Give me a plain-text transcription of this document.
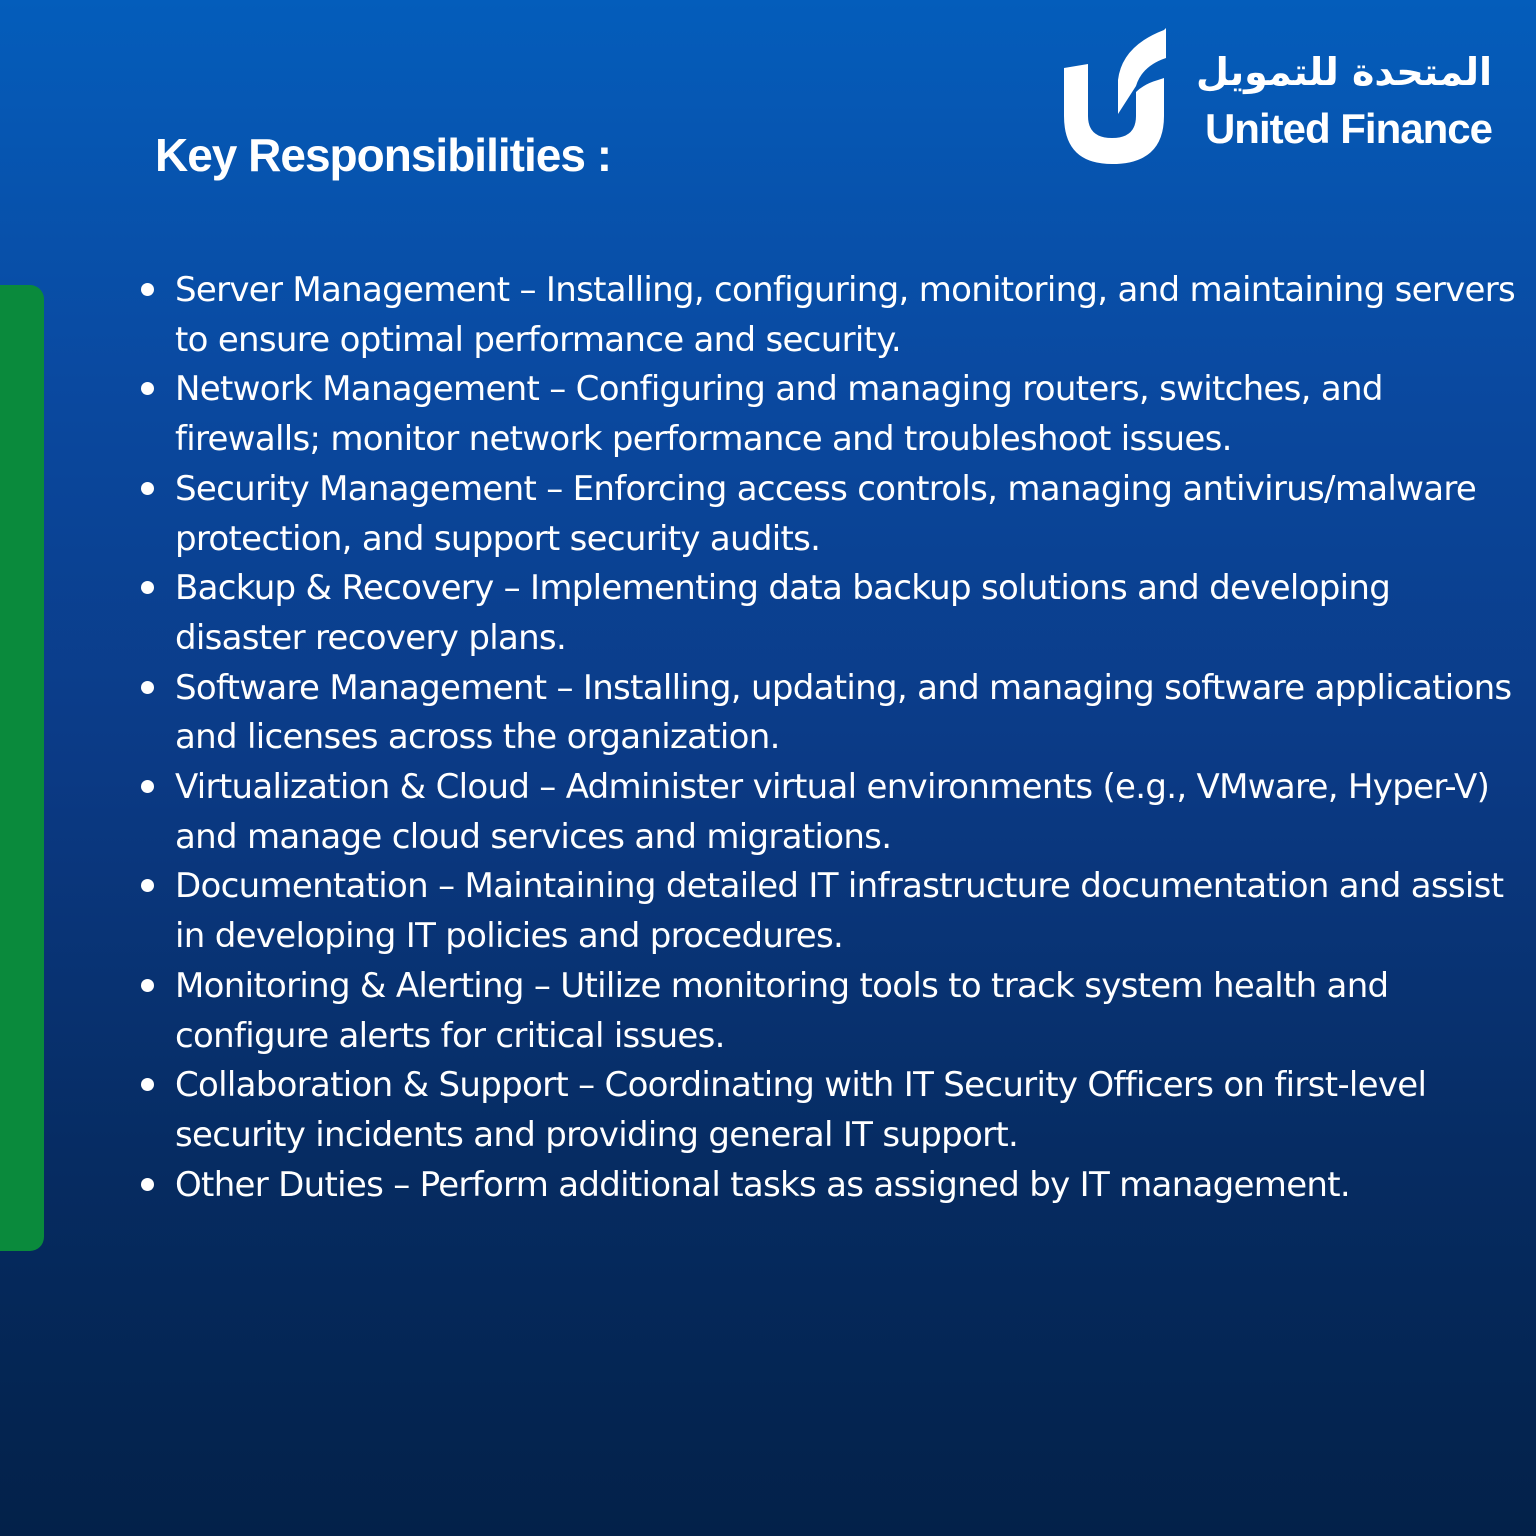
Key Responsibilities :
المتحدة للتمويل
United Finance
Server Management – Installing, configuring, monitoring, and maintaining servers to ensure optimal performance and security.
Network Management – Configuring and managing routers, switches, and firewalls; monitor network performance and troubleshoot issues.
Security Management – Enforcing access controls, managing antivirus/malware protection, and support security audits.
Backup & Recovery – Implementing data backup solutions and developing disaster recovery plans.
Software Management – Installing, updating, and managing software applications and licenses across the organization.
Virtualization & Cloud – Administer virtual environments (e.g., VMware, Hyper-V) and manage cloud services and migrations.
Documentation – Maintaining detailed IT infrastructure documentation and assist in developing IT policies and procedures.
Monitoring & Alerting – Utilize monitoring tools to track system health and configure alerts for critical issues.
Collaboration & Support – Coordinating with IT Security Officers on first-level security incidents and providing general IT support.
Other Duties – Perform additional tasks as assigned by IT management.
